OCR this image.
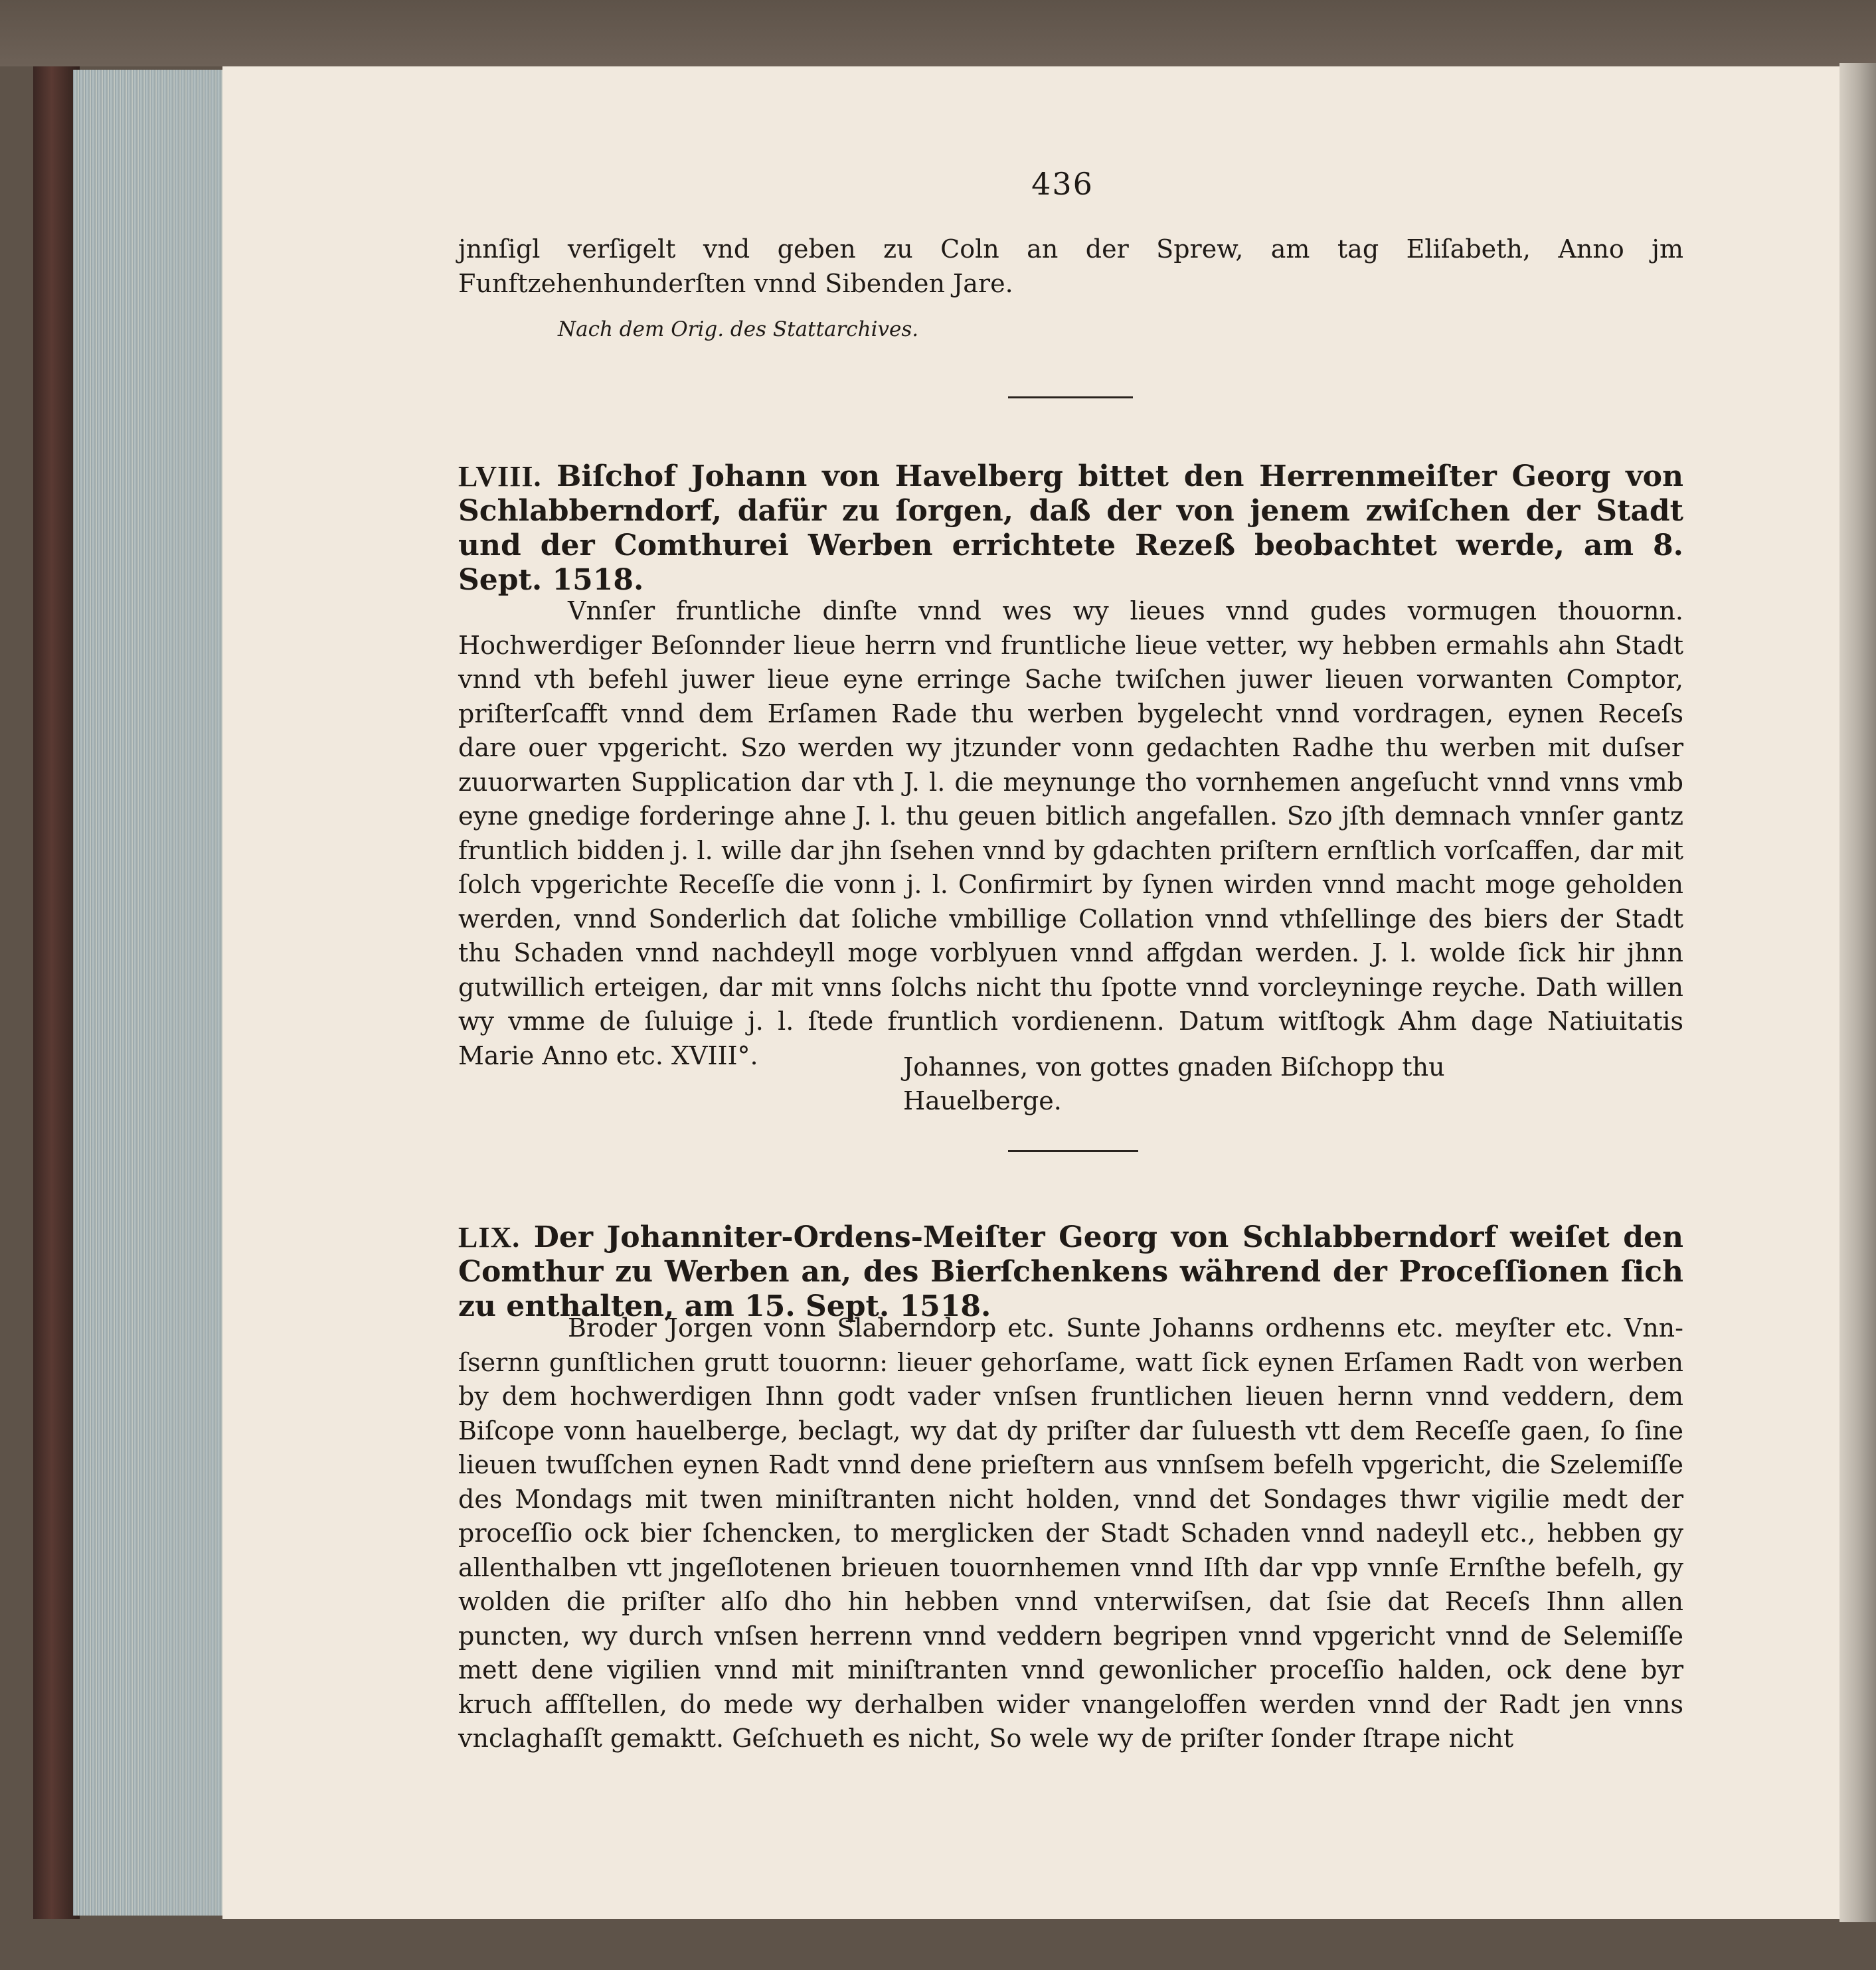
436
jnnſigl verſigelt vnd geben zu Coln an der Sprew, am tag Eliſabeth, Anno jm Funftzehenhunderſten vnnd Sibenden Jare.
Nach dem Orig. des Stattarchives.
LVIII. Biſchof Johann von Havelberg bittet den Herrenmeiſter Georg von Schlabberndorf, dafür zu ſorgen, daß der von jenem zwiſchen der Stadt und der Comthurei Werben errichtete Rezeß beobachtet werde, am 8. Sept. 1518.
Vnnſer fruntliche dinſte vnnd wes wy lieues vnnd gudes vormugen thouornn. Hochwerdiger Beſonnder lieue herrn vnd fruntliche lieue vetter, wy hebben ermahls ahn Stadt vnnd vth befehl juwer lieue eyne erringe Sache twiſchen juwer lieuen vorwanten Comptor, priſterſcafft vnnd dem Erſamen Rade thu werben bygelecht vnnd vordragen, eynen Receſs dare ouer vpgericht. Szo werden wy jtzunder vonn gedachten Radhe thu werben mit duſser zuuorwarten Supplication dar vth J. l. die meynunge tho vornhemen angeſucht vnnd vnns vmb eyne gnedige forderinge ahne J. l. thu geuen bitlich angefallen. Szo jſth demnach vnnſer gantz fruntlich bidden j. l. wille dar jhn ſsehen vnnd by gdachten priſtern ernſtlich vorſcaffen, dar mit ſolch vpgerichte Receſſe die vonn j. l. Confirmirt by ſynen wirden vnnd macht moge geholden werden, vnnd Sonderlich dat ſoliche vmbillige Collation vnnd vthſellinge des biers der Stadt thu Schaden vnnd nachdeyll moge vorblyuen vnnd affgdan werden. J. l. wolde ſick hir jhnn gutwillich erteigen, dar mit vnns ſolchs nicht thu ſpotte vnnd vorcleyninge reyche. Dath willen wy vmme de ſuluige j. l. ſtede fruntlich vordienenn. Datum witſtogk Ahm dage Natiuitatis Marie Anno etc. XVIII°.	Johannes, von gottes gnaden Biſchopp thu Hauelberge.
LIX. Der Johanniter-Ordens-Meiſter Georg von Schlabberndorf weiſet den Comthur zu Werben an, des Bierſchenkens während der Proceſſionen ſich zu enthalten, am 15. Sept. 1518.
Broder Jorgen vonn Slaberndorp etc. Sunte Johanns ordhenns etc. meyſter etc. Vnnſsernn gunſtlichen grutt touornn: lieuer gehorſame, watt ſick eynen Erſamen Radt von werben by dem hochwerdigen Ihnn godt vader vnſsen fruntlichen lieuen hernn vnnd veddern, dem Biſcope vonn hauelberge, beclagt, wy dat dy priſter dar ſuluesth vtt dem Receſſe gaen, ſo ſine lieuen twuſſchen eynen Radt vnnd dene prieſtern aus vnnſsem befelh vpgericht, die Szelemiſſe des Mondags mit twen miniſtranten nicht holden, vnnd det Sondages thwr vigilie medt der proceſſio ock bier ſchencken, to merglicken der Stadt Schaden vnnd nadeyll etc., hebben gy allenthalben vtt jngeſlotenen brieuen touornhemen vnnd Iſth dar vpp vnnſe Ernſthe befelh, gy wolden die priſter alſo dho hin hebben vnnd vnterwiſsen, dat ſsie dat Receſs Ihnn allen puncten, wy durch vnſsen herrenn vnnd veddern begripen vnnd vpgericht vnnd de Selemiſſe mett dene vigilien vnnd mit miniſtranten vnnd gewonlicher proceſſio halden, ock dene byr kruch affſtellen, do mede wy derhalben wider vnangeloffen werden vnnd der Radt jen vnns vnclaghaſſt gemaktt. Geſchueth es nicht, So wele wy de priſter ſonder ſtrape nicht
